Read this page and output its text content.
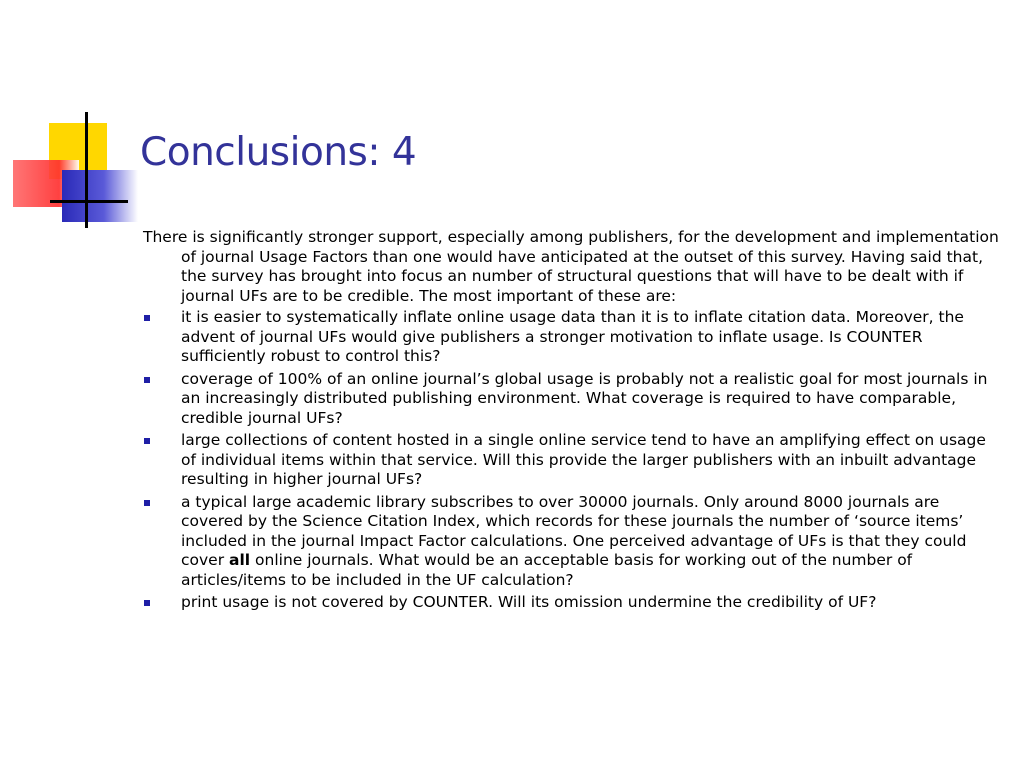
Conclusions: 4

There is significantly stronger support, especially among publishers, for the development and implementation of journal Usage Factors than one would have anticipated at the outset of this survey. Having said that, the survey has brought into focus an number of structural questions that will have to be dealt with if journal UFs are to be credible. The most important of these are:

it is easier to systematically inflate online usage data than it is to inflate citation data. Moreover, the advent of journal UFs would give publishers a stronger motivation to inflate usage. Is COUNTER sufficiently robust to control this?
coverage of 100% of an online journal’s global usage is probably not a realistic goal for most journals in an increasingly distributed publishing environment. What coverage is required to have comparable, credible journal UFs?
large collections of content hosted in a single online service tend to have an amplifying effect on usage of individual items within that service. Will this provide the larger publishers with an inbuilt advantage resulting in higher journal UFs?
a typical large academic library subscribes to over 30000 journals. Only around 8000 journals are covered by the Science Citation Index, which records for these journals the number of ‘source items’ included in the journal Impact Factor calculations. One perceived advantage of UFs is that they could cover all online journals. What would be an acceptable basis for working out of the number of articles/items to be included in the UF calculation?
print usage is not covered by COUNTER. Will its omission undermine the credibility of UF?
